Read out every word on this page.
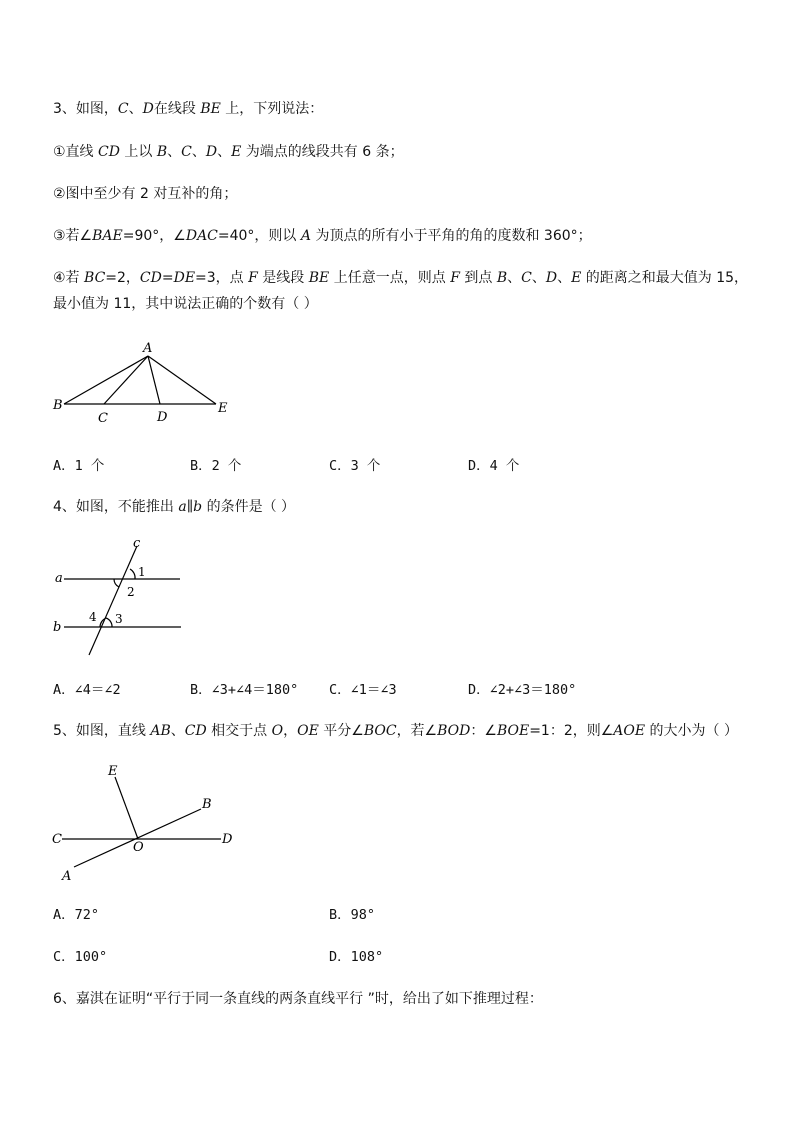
3、如图，C、D在线段 BE 上，下列说法：
①直线 CD 上以 B、C、D、E 为端点的线段共有 6 条；
②图中至少有 2 对互补的角；
③若∠BAE=90°，∠DAC=40°，则以 A 为顶点的所有小于平角的角的度数和 360°；
④若 BC=2，CD=DE=3，点 F 是线段 BE 上任意一点，则点 F 到点 B、C、D、E 的距离之和最大值为 15，
最小值为 11，其中说法正确的个数有（ ）
A
B
C	D
E
A．1 个	B．2 个	C．3 个	D．4 个
4、如图，不能推出 a∥b 的条件是（ ）
c
a
b
1
2
3
4
A．∠4＝∠2	B．∠3+∠4＝180° C．∠1＝∠3	D．∠2+∠3＝180°
5、如图，直线 AB、CD 相交于点 O，OE 平分∠BOC，若∠BOD：∠BOE=1：2，则∠AOE 的大小为（ ）
E
B
C	D
O
A
A．72°	B．98°
C．100°	D．108°
6、嘉淇在证明“平行于同一条直线的两条直线平行 ”时，给出了如下推理过程：
